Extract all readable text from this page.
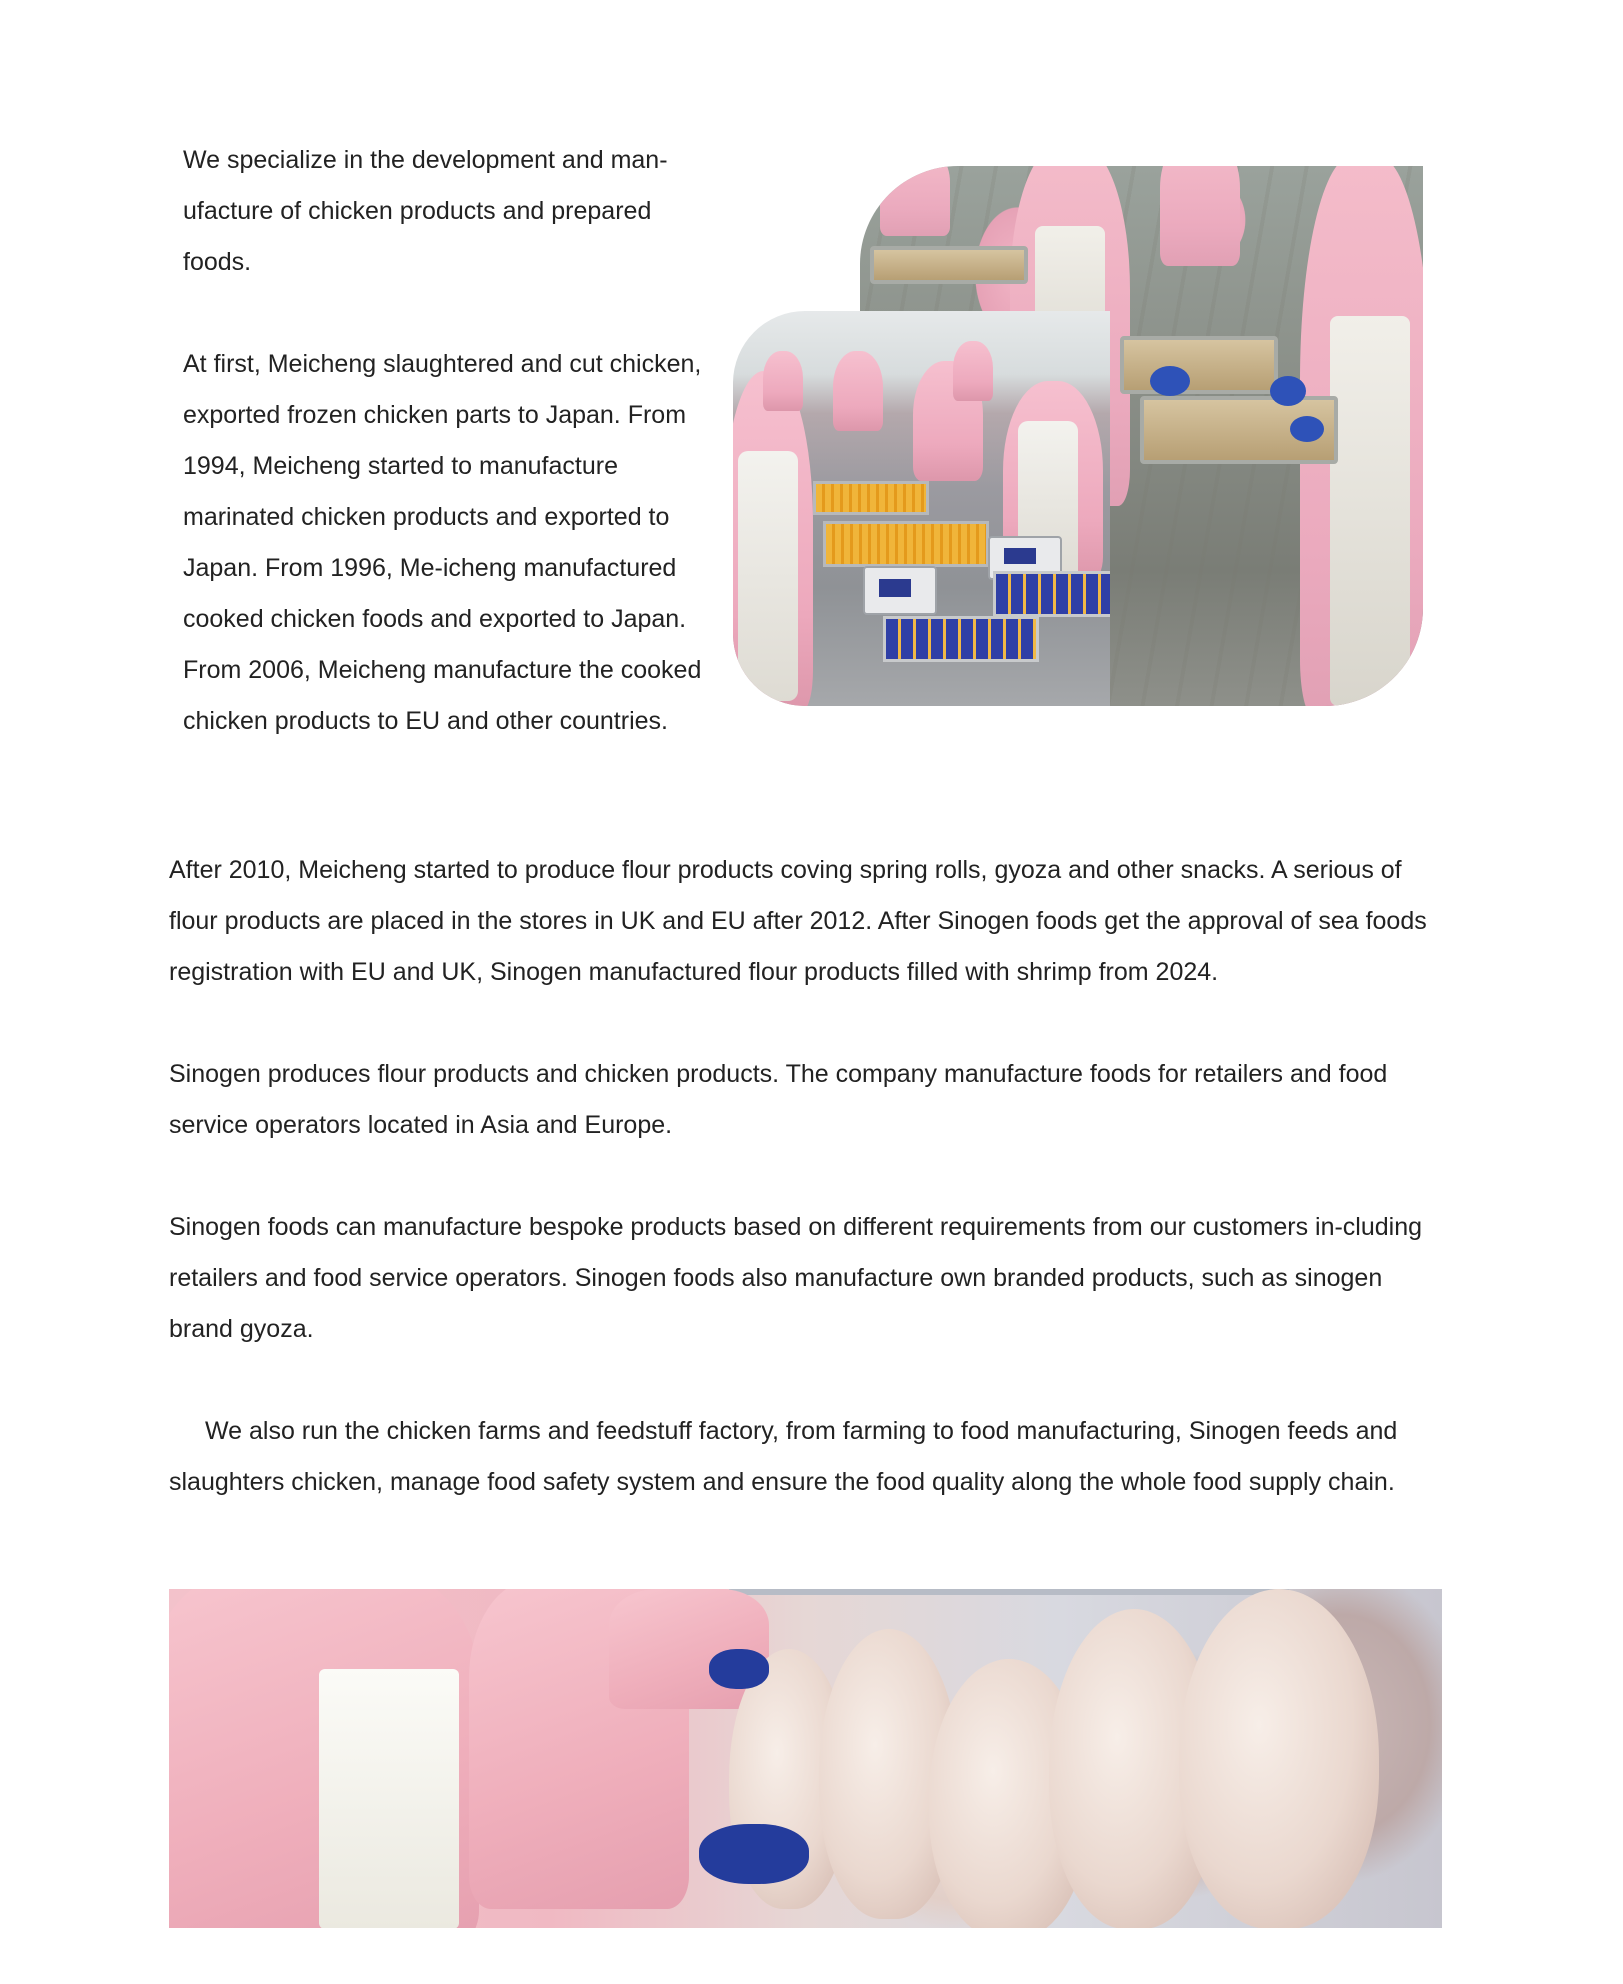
We specialize in the development and man-ufacture of chicken products and prepared foods.

At first, Meicheng slaughtered and cut chicken, exported frozen chicken parts to Japan. From 1994, Meicheng started to manufacture marinated chicken products and exported to Japan. From 1996, Me-icheng manufactured cooked chicken foods and exported to Japan. From 2006, Meicheng manufacture the cooked chicken products to EU and other countries.

After 2010, Meicheng started to produce flour products coving spring rolls, gyoza and other snacks. A serious of flour products are placed in the stores in UK and EU after 2012. After Sinogen foods get the approval of sea foods registration with EU and UK, Sinogen manufactured flour products filled with shrimp from 2024.

Sinogen produces flour products and chicken products. The company manufacture foods for retailers and food service operators located in Asia and Europe.

Sinogen foods can manufacture bespoke products based on different requirements from our customers in-cluding retailers and food service operators. Sinogen foods also manufacture own branded products, such as sinogen brand gyoza.

We also run the chicken farms and feedstuff factory, from farming to food manufacturing, Sinogen feeds and slaughters chicken, manage food safety system and ensure the food quality along the whole food supply chain.
